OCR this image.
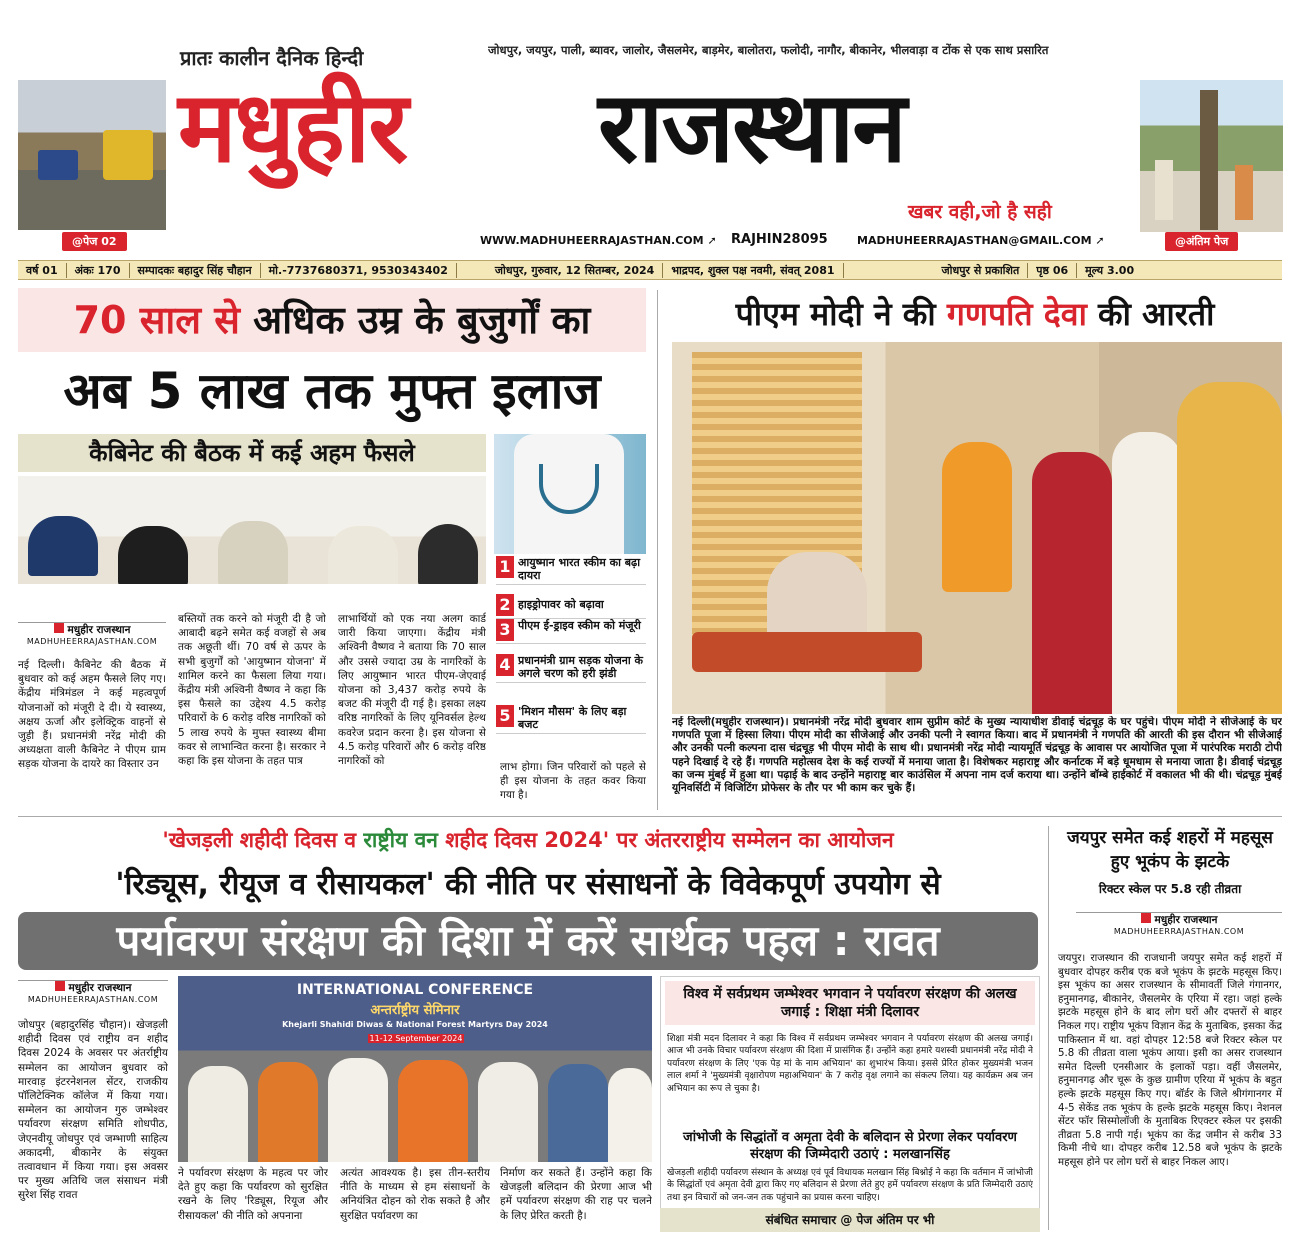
@पेज 02
प्रातः कालीन दैनिक हिन्दी	जोधपुर, जयपुर, पाली, ब्यावर, जालोर, जैसलमेर, बाड़मेर, बालोतरा, फलोदी, नागौर, बीकानेर, भीलवाड़ा व टोंक से एक साथ प्रसारित
मधुहीर राजस्थान
खबर वही,जो है सही
WWW.MADHUHEERRAJASTHAN.COM ➚ RAJHIN28095	MADHUHEERRAJASTHAN@GMAIL.COM ➚	@अंतिम पेज
वर्ष 01	अंकः 170	सम्पादकः बहादुर सिंह चौहान	मो.-7737680371, 9530343402	जोधपुर, गुरुवार, 12 सितम्बर, 2024	भाद्रपद, शुक्ल पक्ष नवमी, संवत् 2081	जोधपुर से प्रकाशित	पृष्ठ 06	मूल्य 3.00
70 साल से अधिक उम्र के बुजुर्गों का
अब 5 लाख तक मुफ्त इलाज
कैबिनेट की बैठक में कई अहम फैसले
1 आयुष्मान भारत स्कीम का बढ़ा दायरा
2 हाइड्रोपावर को बढ़ावा
3 पीएम ई-ड्राइव स्कीम को मंजूरी
4 प्रधानमंत्री ग्राम सड़क योजना के अगले चरण को हरी झंडी
5 'मिशन मौसम' के लिए बड़ा बजट
मधुहीर राजस्थान
MADHUHEERRAJASTHAN.COM
नई दिल्ली। कैबिनेट की बैठक में बुधवार को कई अहम फैसले लिए गए। केंद्रीय मंत्रिमंडल ने कई महत्वपूर्ण योजनाओं को मंजूरी दे दी। ये स्वास्थ्य, अक्षय ऊर्जा और इलेक्ट्रिक वाहनों से जुड़ी हैं। प्रधानमंत्री नरेंद्र मोदी की अध्यक्षता वाली कैबिनेट ने पीएम ग्राम सड़क योजना के दायरे का विस्तार उन
बस्तियों तक करने को मंजूरी दी है जो आबादी बढ़ने समेत कई वजहों से अब तक अछूती थीं। 70 वर्ष से ऊपर के सभी बुजुर्गों को 'आयुष्मान योजना' में शामिल करने का फैसला लिया गया। केंद्रीय मंत्री अश्विनी वैष्णव ने कहा कि इस फैसले का उद्देश्य 4.5 करोड़ परिवारों के 6 करोड़ वरिष्ठ नागरिकों को 5 लाख रुपये के मुफ्त स्वास्थ्य बीमा कवर से लाभान्वित करना है। सरकार ने कहा कि इस योजना के तहत पात्र
लाभार्थियों को एक नया अलग कार्ड जारी किया जाएगा। केंद्रीय मंत्री अश्विनी वैष्णव ने बताया कि 70 साल और उससे ज्यादा उम्र के नागरिकों के लिए आयुष्मान भारत पीएम-जेएवाई योजना को 3,437 करोड़ रुपये के बजट की मंजूरी दी गई है। इसका लक्ष्य वरिष्ठ नागरिकों के लिए यूनिवर्सल हेल्थ कवरेज प्रदान करना है। इस योजना से 4.5 करोड़ परिवारों और 6 करोड़ वरिष्ठ नागरिकों को	लाभ होगा। जिन परिवारों को पहले से ही इस योजना के तहत कवर किया गया है।
पीएम मोदी ने की गणपति देवा की आरती
नई दिल्ली(मधुहीर राजस्थान)। प्रधानमंत्री नरेंद्र मोदी बुधवार शाम सुप्रीम कोर्ट के मुख्य न्यायाधीश डीवाई चंद्रचूड़ के घर पहुंचे। पीएम मोदी ने सीजेआई के घर गणपति पूजा में हिस्सा लिया। पीएम मोदी का सीजेआई और उनकी पत्नी ने स्वागत किया। बाद में प्रधानमंत्री ने गणपति की आरती की इस दौरान भी सीजेआई और उनकी पत्नी कल्पना दास चंद्रचूड़ भी पीएम मोदी के साथ थी। प्रधानमंत्री नरेंद्र मोदी न्यायमूर्ति चंद्रचूड़ के आवास पर आयोजित पूजा में पारंपरिक मराठी टोपी पहने दिखाई दे रहे हैं। गणपति महोत्सव देश के कई राज्यों में मनाया जाता है। विशेषकर महाराष्ट्र और कर्नाटक में बड़े धूमधाम से मनाया जाता है। डीवाई चंद्रचूड़ का जन्म मुंबई में हुआ था। पढ़ाई के बाद उन्होंने महाराष्ट्र बार काउंसिल में अपना नाम दर्ज कराया था। उन्होंने बॉम्बे हाईकोर्ट में वकालत भी की थी। चंद्रचूड़ मुंबई यूनिवर्सिटी में विजिटिंग प्रोफेसर के तौर पर भी काम कर चुके हैं।
'खेजड़ली शहीदी दिवस व राष्ट्रीय वन शहीद दिवस 2024' पर अंतरराष्ट्रीय सम्मेलन का आयोजन
'रिड्यूस, रीयूज व रीसायकल' की नीति पर संसाधनों के विवेकपूर्ण उपयोग से
पर्यावरण संरक्षण की दिशा में करें सार्थक पहल : रावत
मधुहीर राजस्थान
MADHUHEERRAJASTHAN.COM
जोधपुर (बहादुरसिंह चौहान)। खेजड़ली शहीदी दिवस एवं राष्ट्रीय वन शहीद दिवस 2024 के अवसर पर अंतर्राष्ट्रीय सम्मेलन का आयोजन बुधवार को मारवाड़ इंटरनेशनल सेंटर, राजकीय पॉलिटेक्निक कॉलेज में किया गया। सम्मेलन का आयोजन गुरु जम्भेश्वर पर्यावरण संरक्षण समिति शोधपीठ, जेएनवीयू जोधपुर एवं जम्भाणी साहित्य अकादमी, बीकानेर के संयुक्त तत्वावधान में किया गया। इस अवसर पर मुख्य अतिथि जल संसाधन मंत्री सुरेश सिंह रावत
INTERNATIONAL CONFERENCE
अन्तर्राष्ट्रीय सेमिनार
Khejarli Shahidi Diwas & National Forest Martyrs Day 2024
11-12 September 2024
ने पर्यावरण संरक्षण के महत्व पर जोर देते हुए कहा कि पर्यावरण को सुरक्षित रखने के लिए 'रिड्यूस, रियूज और रीसायकल' की नीति को अपनाना
अत्यंत आवश्यक है। इस तीन-स्तरीय नीति के माध्यम से हम संसाधनों के अनियंत्रित दोहन को रोक सकते है और सुरक्षित पर्यावरण का
निर्माण कर सकते हैं। उन्होंने कहा कि खेजड़ली बलिदान की प्रेरणा आज भी हमें पर्यावरण संरक्षण की राह पर चलने के लिए प्रेरित करती है।
विश्व में सर्वप्रथम जम्भेश्वर भगवान ने पर्यावरण संरक्षण की अलख जगाई : शिक्षा मंत्री दिलावर
शिक्षा मंत्री मदन दिलावर ने कहा कि विश्व में सर्वप्रथम जम्भेश्वर भगवान ने पर्यावरण संरक्षण की अलख जगाई। आज भी उनके विचार पर्यावरण संरक्षण की दिशा में प्रासंगिक हैं। उन्होंने कहा हमारे यशस्वी प्रधानमंत्री नरेंद्र मोदी ने पर्यावरण संरक्षण के लिए 'एक पेड़ मां के नाम अभियान' का शुभारंभ किया। इससे प्रेरित होकर मुख्यमंत्री भजन लाल शर्मा ने 'मुख्यमंत्री वृक्षारोपण महाअभियान' के 7 करोड़ वृक्ष लगाने का संकल्प लिया। यह कार्यक्रम अब जन अभियान का रूप ले चुका है।
जांभोजी के सिद्धांतों व अमृता देवी के बलिदान से प्रेरणा लेकर पर्यावरण संरक्षण की जिम्मेदारी उठाएं : मलखानसिंह
खेजड़ली शहीदी पर्यावरण संस्थान के अध्यक्ष एवं पूर्व विधायक मलखान सिंह बिश्नोई ने कहा कि वर्तमान में जांभोजी के सिद्धांतों एवं अमृता देवी द्वारा किए गए बलिदान से प्रेरणा लेते हुए हमें पर्यावरण संरक्षण के प्रति जिम्मेदारी उठाएं तथा इन विचारों को जन-जन तक पहुंचाने का प्रयास करना चाहिए।
संबंधित समाचार @ पेज अंतिम पर भी
जयपुर समेत कई शहरों में महसूस हुए भूकंप के झटके
रिक्टर स्केल पर 5.8 रही तीव्रता
मधुहीर राजस्थान
MADHUHEERRAJASTHAN.COM
जयपुर। राजस्थान की राजधानी जयपुर समेत कई शहरों में बुधवार दोपहर करीब एक बजे भूकंप के झटके महसूस किए। इस भूकंप का असर राजस्थान के सीमावर्ती जिले गंगानगर, हनुमानगढ़, बीकानेर, जैसलमेर के एरिया में रहा। जहां हल्के झटके महसूस होने के बाद लोग घरों और दफ्तरों से बाहर निकल गए। राष्ट्रीय भूकंप विज्ञान केंद्र के मुताबिक, इसका केंद्र पाकिस्तान में था. वहां दोपहर 12:58 बजे रिक्टर स्केल पर 5.8 की तीव्रता वाला भूकंप आया। इसी का असर राजस्थान समेत दिल्ली एनसीआर के इलाकों पड़ा। वहीं जैसलमेर, हनुमानगढ़ और चूरू के कुछ ग्रामीण एरिया में भूकंप के बहुत हल्के झटके महसूस किए गए। बॉर्डर के जिले श्रीगंगानगर में 4-5 सेकेंड तक भूकंप के हल्के झटके महसूस किए। नेशनल सेंटर फॉर सिस्मोलॉजी के मुताबिक रिएक्टर स्केल पर इसकी तीव्रता 5.8 नापी गई। भूकंप का केंद्र जमीन से करीब 33 किमी नीचे था। दोपहर करीब 12.58 बजे भूकंप के झटके महसूस होने पर लोग घरों से बाहर निकल आए।
